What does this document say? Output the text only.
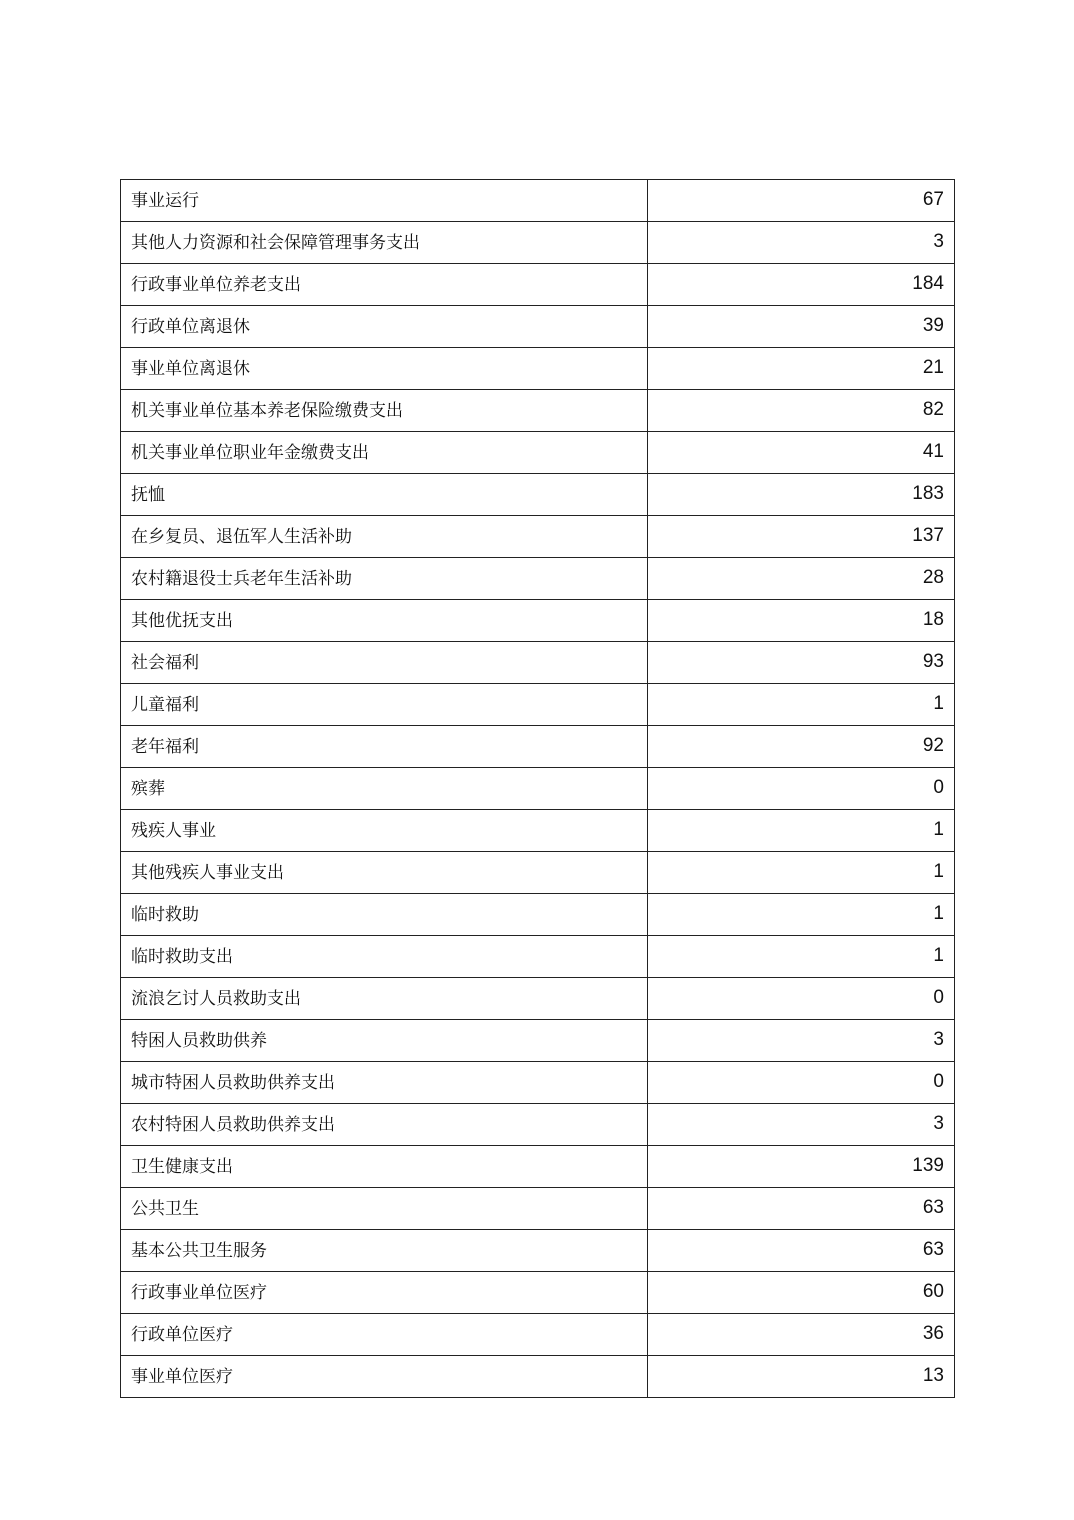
事业运行	67
其他人力资源和社会保障管理事务支出	3
行政事业单位养老支出	184
行政单位离退休	39
事业单位离退休	21
机关事业单位基本养老保险缴费支出	82
机关事业单位职业年金缴费支出	41
抚恤	183
在乡复员、退伍军人生活补助	137
农村籍退役士兵老年生活补助	28
其他优抚支出	18
社会福利	93
儿童福利	1
老年福利	92
殡葬	0
残疾人事业	1
其他残疾人事业支出	1
临时救助	1
临时救助支出	1
流浪乞讨人员救助支出	0
特困人员救助供养	3
城市特困人员救助供养支出	0
农村特困人员救助供养支出	3
卫生健康支出	139
公共卫生	63
基本公共卫生服务	63
行政事业单位医疗	60
行政单位医疗	36
事业单位医疗	13
